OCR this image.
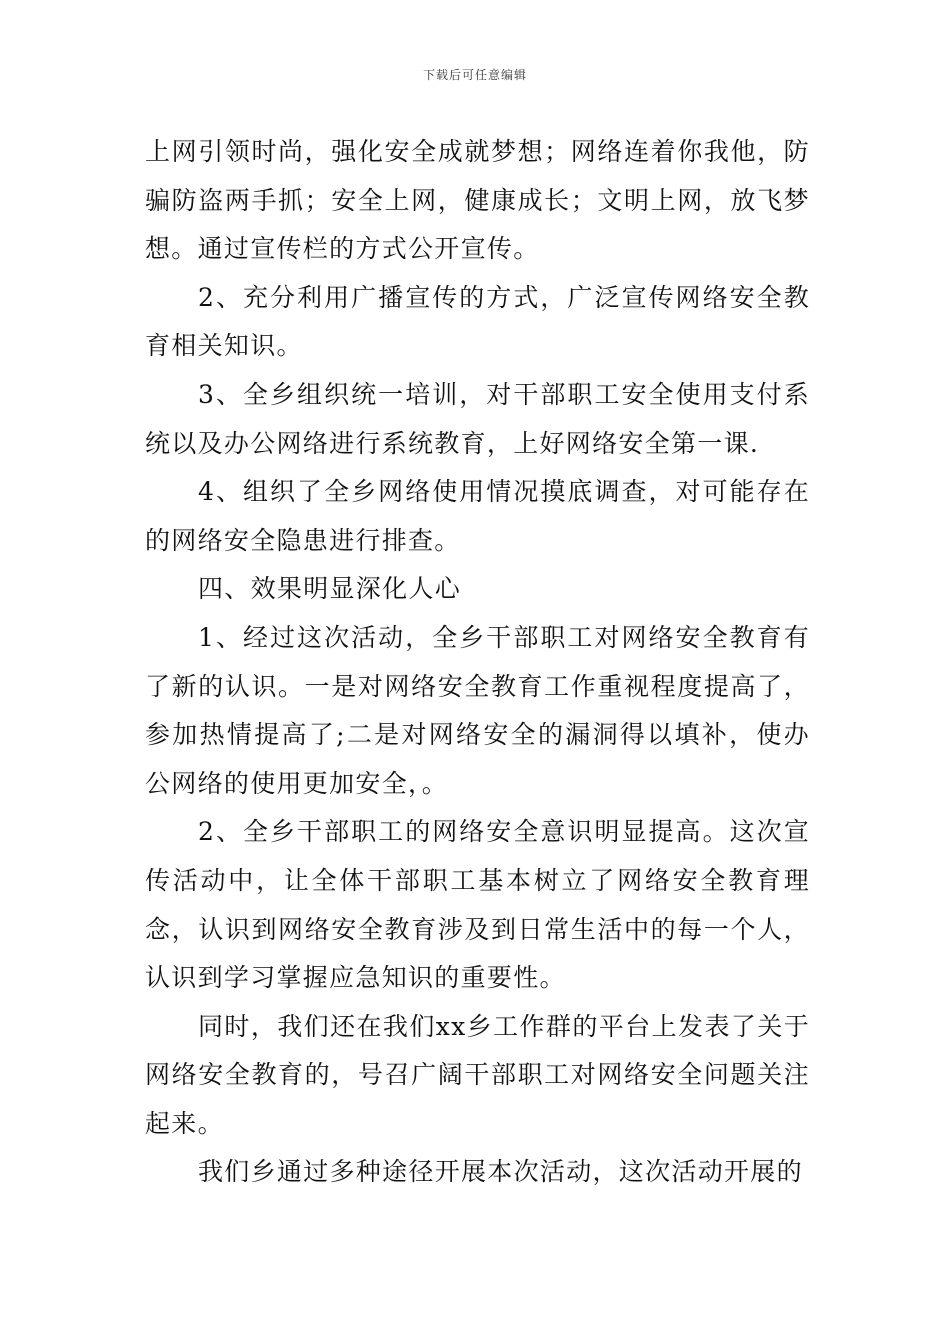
下载后可任意编辑

上网引领时尚，强化安全成就梦想；网络连着你我他，防骗防盗两手抓；安全上网，健康成长；文明上网，放飞梦想。通过宣传栏的方式公开宣传。

2、充分利用广播宣传的方式，广泛宣传网络安全教育相关知识。

3、全乡组织统一培训，对干部职工安全使用支付系统以及办公网络进行系统教育，上好网络安全第一课.

4、组织了全乡网络使用情况摸底调查，对可能存在的网络安全隐患进行排查。

四、效果明显深化人心

1、经过这次活动，全乡干部职工对网络安全教育有了新的认识。一是对网络安全教育工作重视程度提高了，参加热情提高了;二是对网络安全的漏洞得以填补，使办公网络的使用更加安全，。

2、全乡干部职工的网络安全意识明显提高。这次宣传活动中，让全体干部职工基本树立了网络安全教育理念，认识到网络安全教育涉及到日常生活中的每一个人，认识到学习掌握应急知识的重要性。

同时，我们还在我们xx乡工作群的平台上发表了关于网络安全教育的，号召广阔干部职工对网络安全问题关注起来。

我们乡通过多种途径开展本次活动，这次活动开展的
